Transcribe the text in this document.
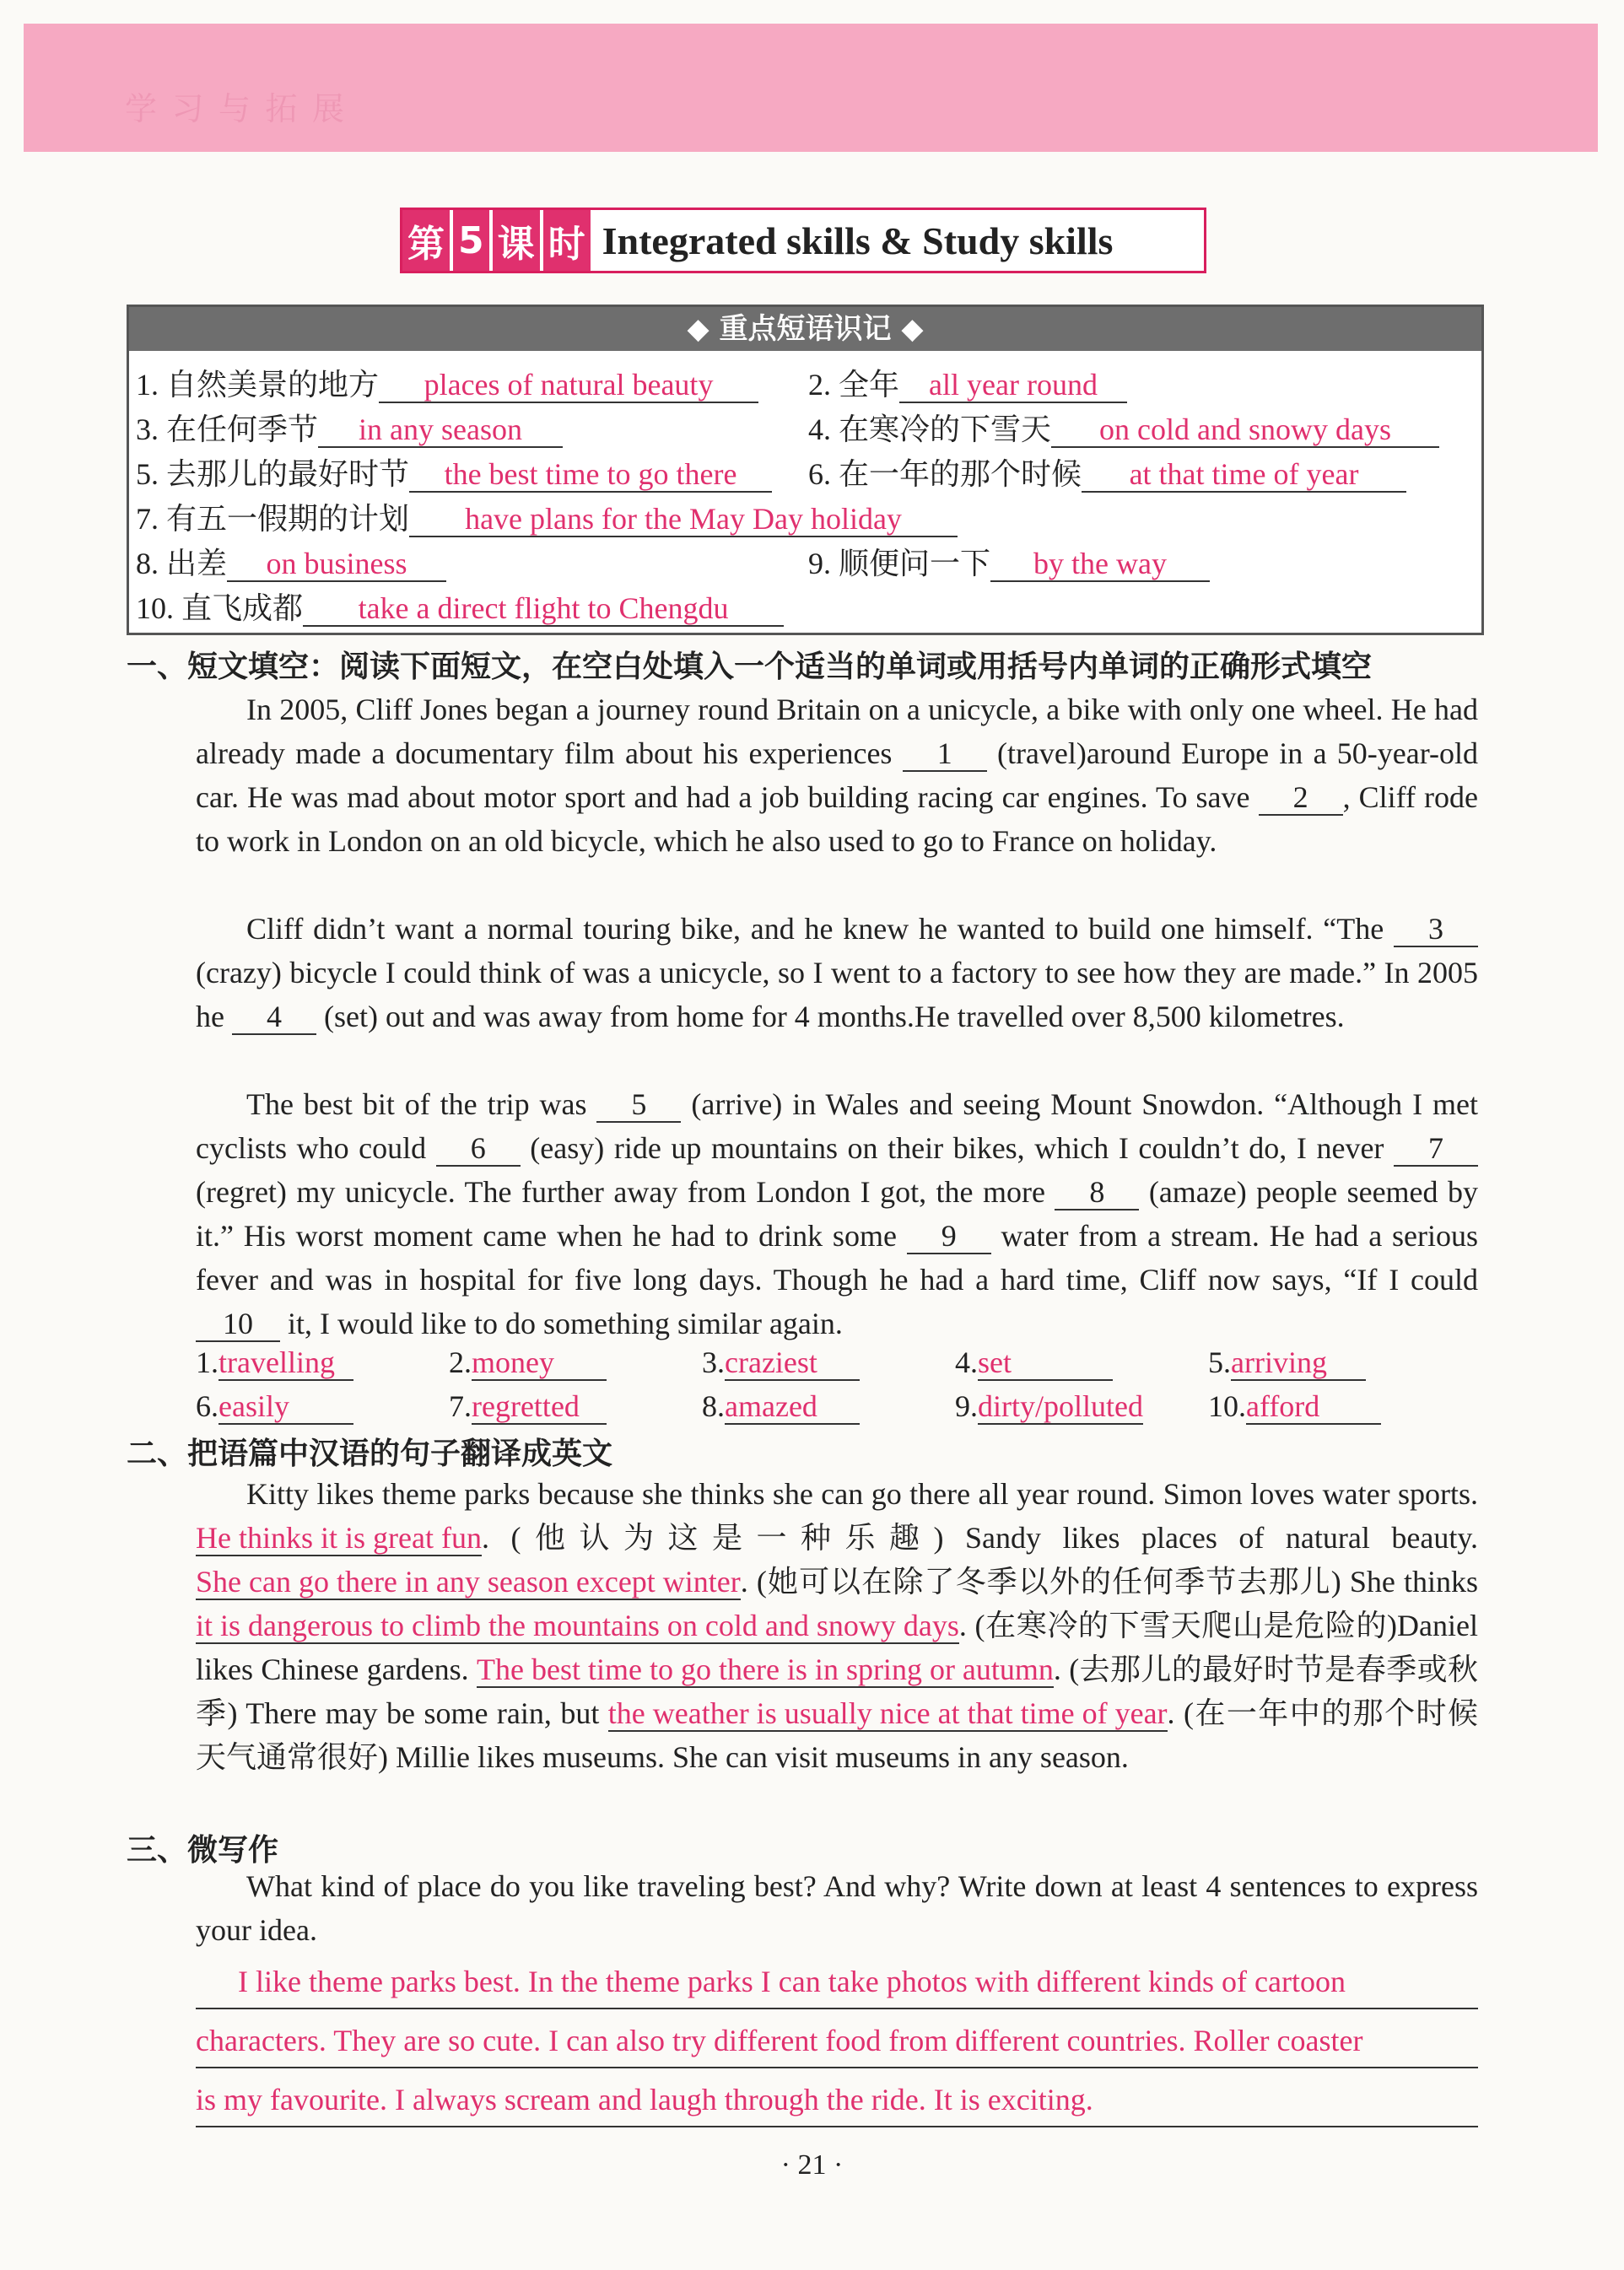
学 习 与 拓 展
第 5 课 时 Integrated skills & Study skills
◆ 重点短语识记 ◆
1. 自然美景的地方 places of natural beauty	2. 全年 all year round
3. 在任何季节 in any season	4. 在寒冷的下雪天 on cold and snowy days
5. 去那儿的最好时节 the best time to go there	6. 在一年的那个时候 at that time of year
7. 有五一假期的计划 have plans for the May Day holiday
8. 出差 on business	9. 顺便问一下 by the way
10. 直飞成都 take a direct flight to Chengdu
一、短文填空：阅读下面短文，在空白处填入一个适当的单词或用括号内单词的正确形式填空
In 2005, Cliff Jones began a journey round Britain on a unicycle, a bike with only one wheel. He had already made a documentary film about his experiences 1 (travel)around Europe in a 50-year-old car. He was mad about motor sport and had a job building racing car engines. To save 2 , Cliff rode to work in London on an old bicycle, which he also used to go to France on holiday.
Cliff didn’t want a normal touring bike, and he knew he wanted to build one himself. “The 3 (crazy) bicycle I could think of was a unicycle, so I went to a factory to see how they are made.” In 2005 he 4 (set) out and was away from home for 4 months.He travelled over 8,500 kilometres.
The best bit of the trip was 5 (arrive) in Wales and seeing Mount Snowdon. “Although I met cyclists who could 6 (easy) ride up mountains on their bikes, which I couldn’t do, I never 7 (regret) my unicycle. The further away from London I got, the more 8 (amaze) people seemed by it.” His worst moment came when he had to drink some 9 water from a stream. He had a serious fever and was in hospital for five long days. Though he had a hard time, Cliff now says, “If I could 10 it, I would like to do something similar again.
1.travelling	2.money	3.craziest	4.set	5.arriving
6.easily	7.regretted	8.amazed	9.dirty/polluted	10.afford
二、把语篇中汉语的句子翻译成英文
Kitty likes theme parks because she thinks she can go there all year round. Simon loves water sports. He thinks it is great fun. (他认为这是一种乐趣) Sandy likes places of natural beauty. She can go there in any season except winter. (她可以在除了冬季以外的任何季节去那儿) She thinks it is dangerous to climb the mountains on cold and snowy days. (在寒冷的下雪天爬山是危险的)Daniel likes Chinese gardens. The best time to go there is in spring or autumn. (去那儿的最好时节是春季或秋季) There may be some rain, but the weather is usually nice at that time of year. (在一年中的那个时候天气通常很好) Millie likes museums. She can visit museums in any season.
三、微写作
What kind of place do you like traveling best? And why? Write down at least 4 sentences to express your idea.
I like theme parks best. In the theme parks I can take photos with different kinds of cartoon
characters. They are so cute. I can also try different food from different countries. Roller coaster
is my favourite. I always scream and laugh through the ride. It is exciting.
· 21 ·
